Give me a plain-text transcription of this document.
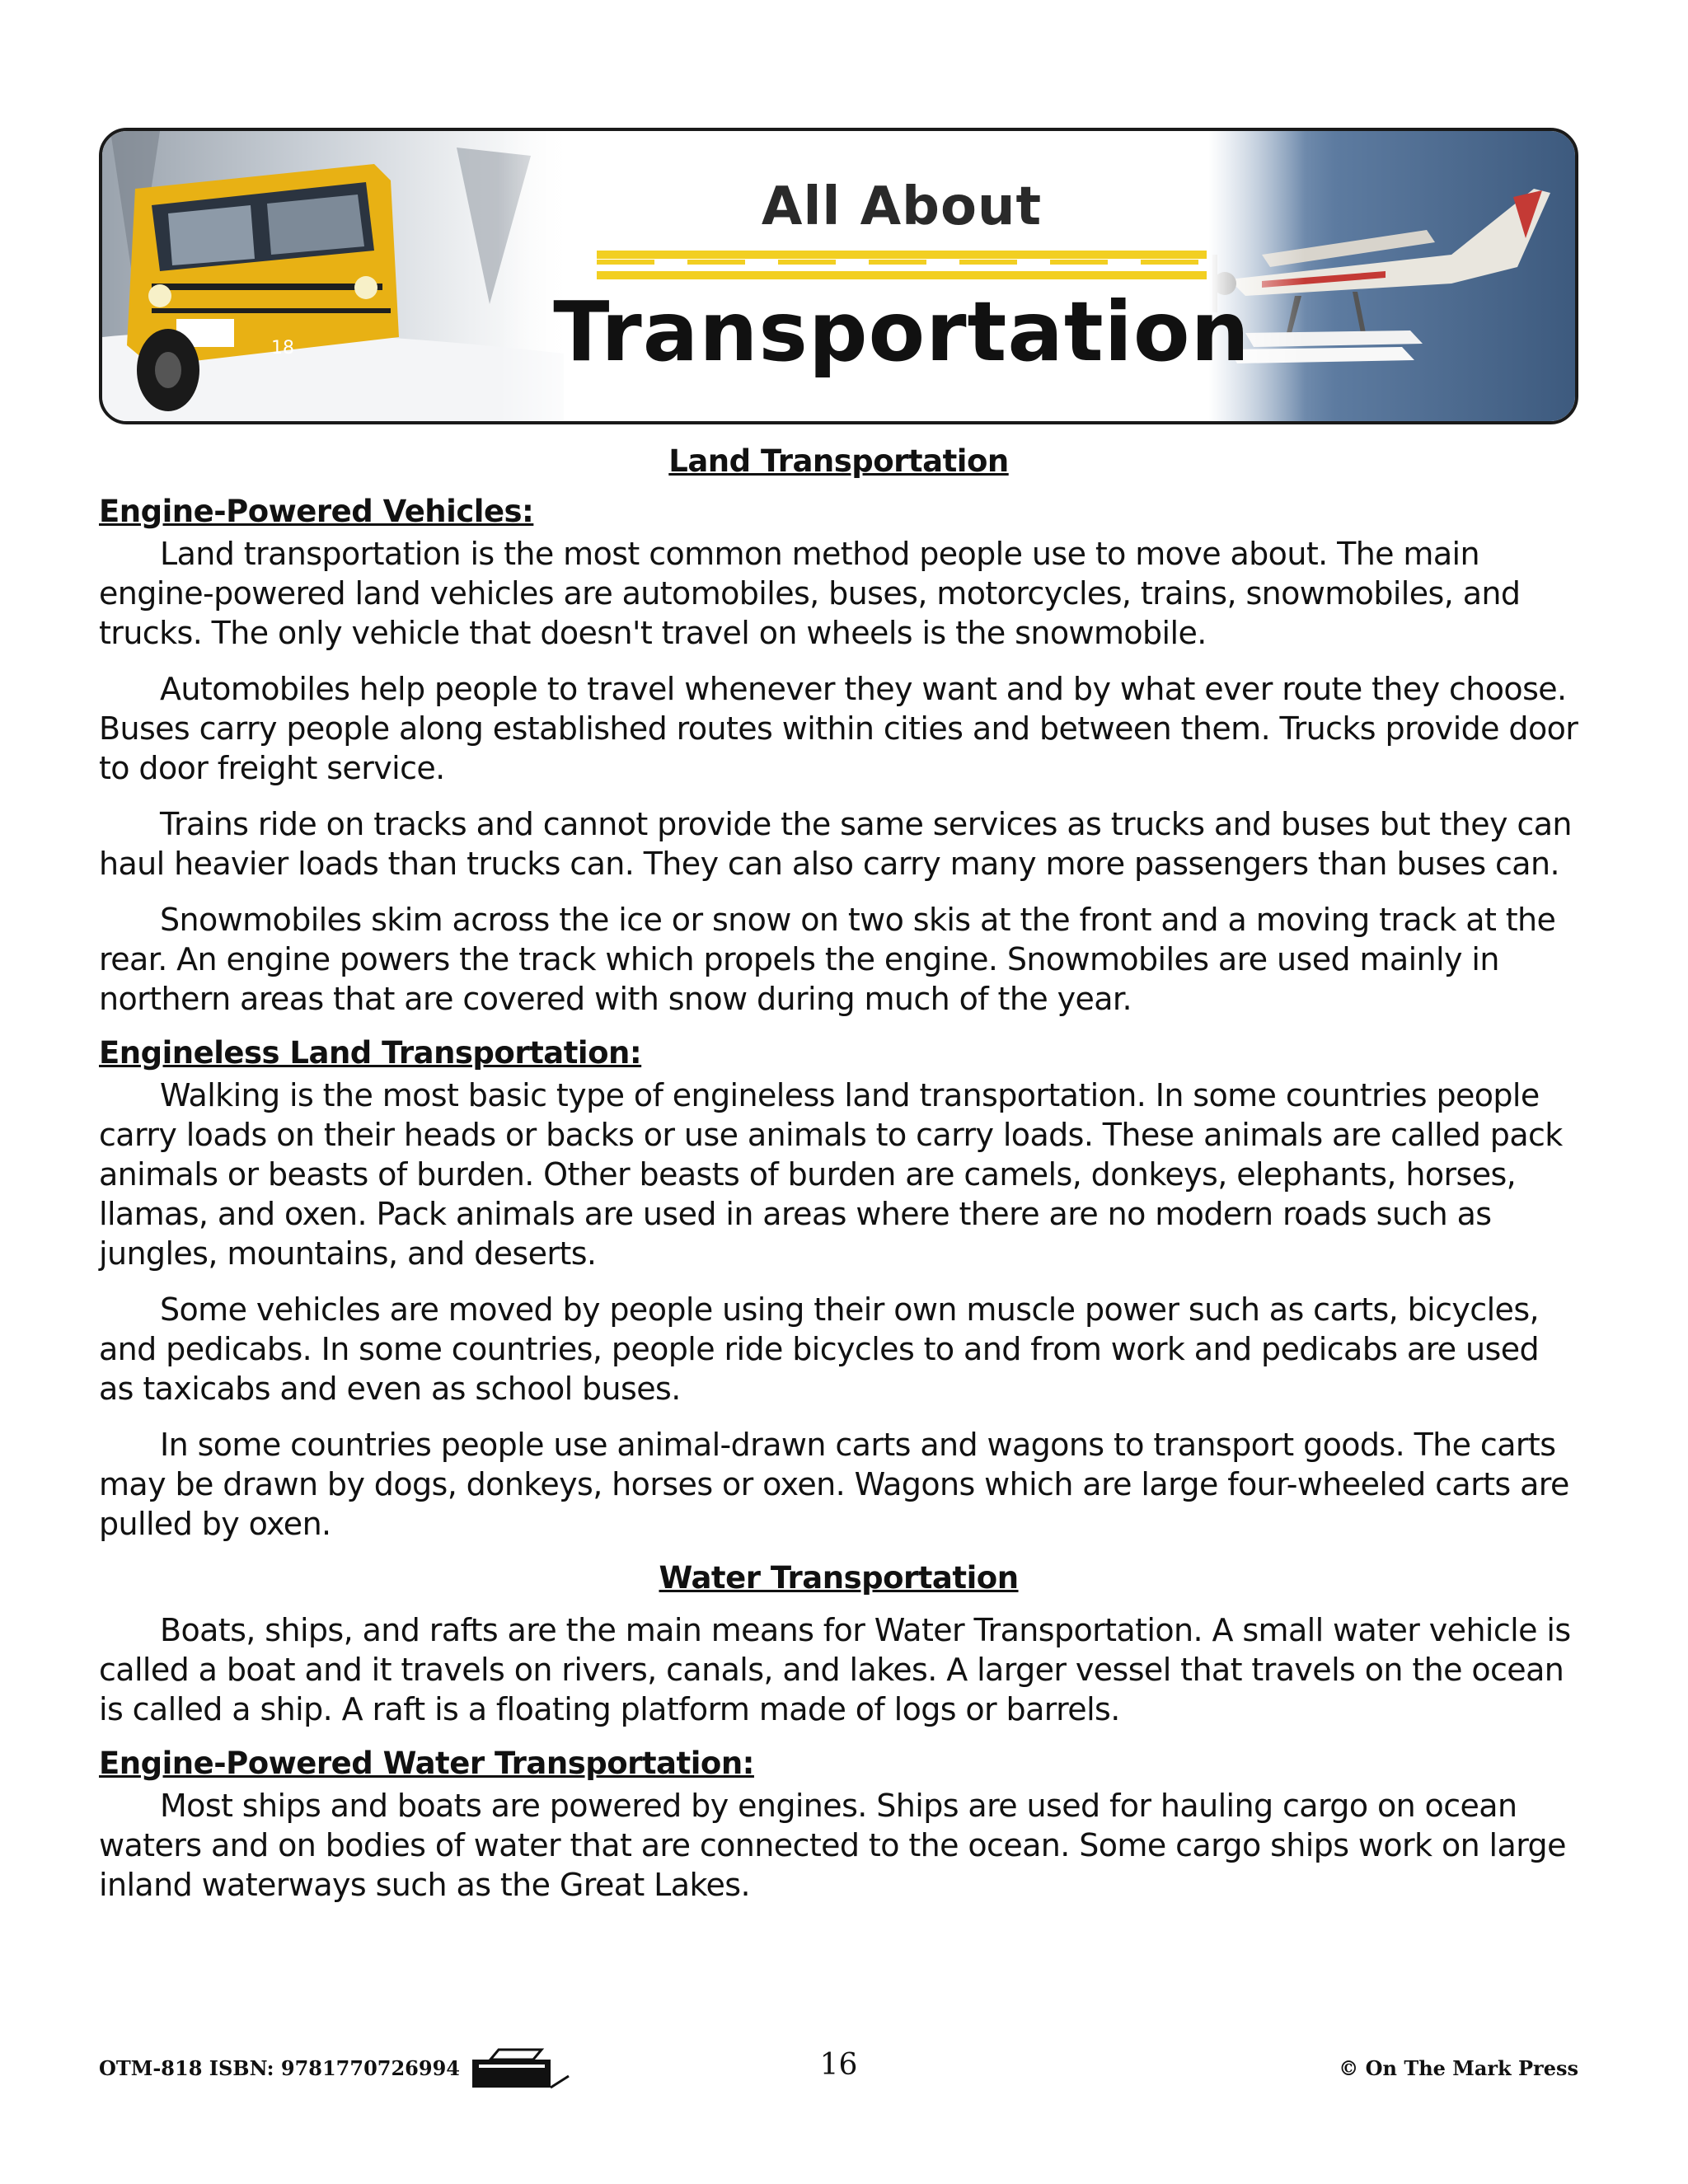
18
All About
Transportation
Land Transportation
Engine-Powered Vehicles:

Land transportation is the most common method people use to move about. The main engine-powered land vehicles are automobiles, buses, motorcycles, trains, snowmobiles, and trucks. The only vehicle that doesn't travel on wheels is the snowmobile.

Automobiles help people to travel whenever they want and by what ever route they choose. Buses carry people along established routes within cities and between them. Trucks provide door to door freight service.

Trains ride on tracks and cannot provide the same services as trucks and buses but they can haul heavier loads than trucks can. They can also carry many more passengers than buses can.

Snowmobiles skim across the ice or snow on two skis at the front and a moving track at the rear. An engine powers the track which propels the engine. Snowmobiles are used mainly in northern areas that are covered with snow during much of the year.

Engineless Land Transportation:

Walking is the most basic type of engineless land transportation. In some countries people carry loads on their heads or backs or use animals to carry loads. These animals are called pack animals or beasts of burden. Other beasts of burden are camels, donkeys, elephants, horses, llamas, and oxen. Pack animals are used in areas where there are no modern roads such as jungles, mountains, and deserts.

Some vehicles are moved by people using their own muscle power such as carts, bicycles, and pedicabs. In some countries, people ride bicycles to and from work and pedicabs are used as taxicabs and even as school buses.

In some countries people use animal-drawn carts and wagons to transport goods. The carts may be drawn by dogs, donkeys, horses or oxen. Wagons which are large four-wheeled carts are pulled by oxen.

Water Transportation

Boats, ships, and rafts are the main means for Water Transportation. A small water vehicle is called a boat and it travels on rivers, canals, and lakes. A larger vessel that travels on the ocean is called a ship. A raft is a floating platform made of logs or barrels.

Engine-Powered Water Transportation:

Most ships and boats are powered by engines. Ships are used for hauling cargo on ocean waters and on bodies of water that are connected to the ocean. Some cargo ships work on large inland waterways such as the Great Lakes.

OTM-818 ISBN: 9781770726994	16	© On The Mark Press
